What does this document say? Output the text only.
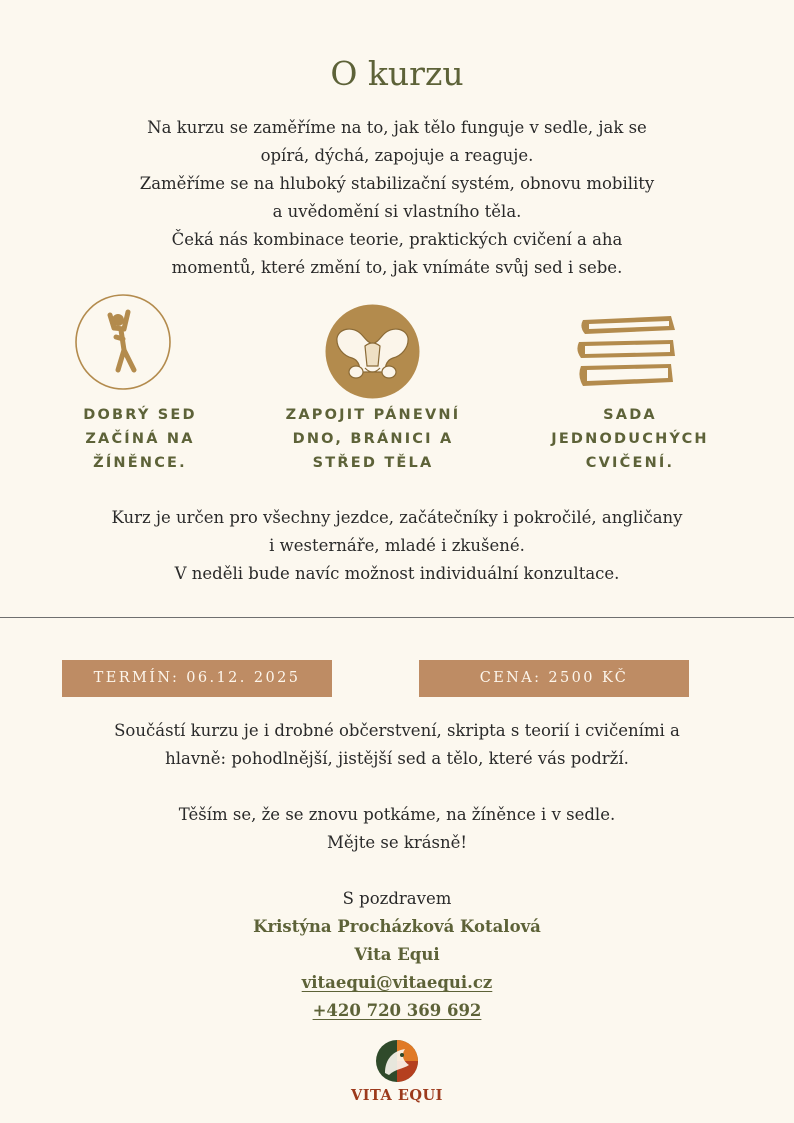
O kurzu
Na kurzu se zaměříme na to, jak tělo funguje v sedle, jak se
opírá, dýchá, zapojuje a reaguje.
Zaměříme se na hluboký stabilizační systém, obnovu mobility
a uvědomění si vlastního těla.
Čeká nás kombinace teorie, praktických cvičení a aha
momentů, které změní to, jak vnímáte svůj sed i sebe.
DOBRÝ SED
ZAČÍNÁ NA
ŽÍNĚNCE.
ZAPOJIT PÁNEVNÍ
DNO, BRÁNICI A
STŘED TĚLA
SADA
JEDNODUCHÝCH
CVIČENÍ.
Kurz je určen pro všechny jezdce, začátečníky i pokročilé, angličany
i westernáře, mladé i zkušené.
V neděli bude navíc možnost individuální konzultace.
TERMÍN: 06.12. 2025	CENA: 2500 KČ
Součástí kurzu je i drobné občerstvení, skripta s teorií i cvičeními a
hlavně: pohodlnější, jistější sed a tělo, které vás podrží.
Těším se, že se znovu potkáme, na žíněnce i v sedle.
Mějte se krásně!
S pozdravem
Kristýna Procházková Kotalová
Vita Equi
vitaequi@vitaequi.cz
+420 720 369 692
VITA EQUI
